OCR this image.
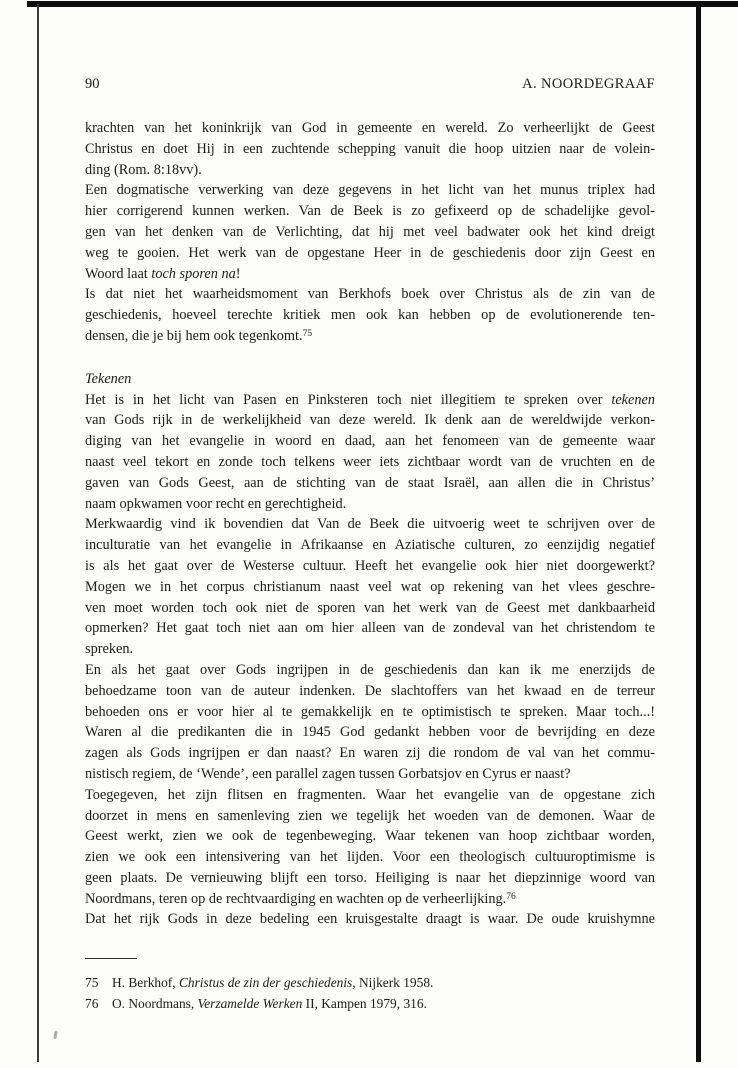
90	A. NOORDEGRAAF
krachten van het koninkrijk van God in gemeente en wereld. Zo verheerlijkt de Geest
Christus en doet Hij in een zuchtende schepping vanuit die hoop uitzien naar de volein-
ding (Rom. 8:18vv).
Een dogmatische verwerking van deze gegevens in het licht van het munus triplex had
hier corrigerend kunnen werken. Van de Beek is zo gefixeerd op de schadelijke gevol-
gen van het denken van de Verlichting, dat hij met veel badwater ook het kind dreigt
weg te gooien. Het werk van de opgestane Heer in de geschiedenis door zijn Geest en
Woord laat toch sporen na!
Is dat niet het waarheidsmoment van Berkhofs boek over Christus als de zin van de
geschiedenis, hoeveel terechte kritiek men ook kan hebben op de evolutionerende ten-
densen, die je bij hem ook tegenkomt.$^{75}$
Tekenen
Het is in het licht van Pasen en Pinksteren toch niet illegitiem te spreken over tekenen
van Gods rijk in de werkelijkheid van deze wereld. Ik denk aan de wereldwijde verkon-
diging van het evangelie in woord en daad, aan het fenomeen van de gemeente waar
naast veel tekort en zonde toch telkens weer iets zichtbaar wordt van de vruchten en de
gaven van Gods Geest, aan de stichting van de staat Israël, aan allen die in Christus’
naam opkwamen voor recht en gerechtigheid.
Merkwaardig vind ik bovendien dat Van de Beek die uitvoerig weet te schrijven over de
inculturatie van het evangelie in Afrikaanse en Aziatische culturen, zo eenzijdig negatief
is als het gaat over de Westerse cultuur. Heeft het evangelie ook hier niet doorgewerkt?
Mogen we in het corpus christianum naast veel wat op rekening van het vlees geschre-
ven moet worden toch ook niet de sporen van het werk van de Geest met dankbaarheid
opmerken? Het gaat toch niet aan om hier alleen van de zondeval van het christendom te
spreken.
En als het gaat over Gods ingrijpen in de geschiedenis dan kan ik me enerzijds de
behoedzame toon van de auteur indenken. De slachtoffers van het kwaad en de terreur
behoeden ons er voor hier al te gemakkelijk en te optimistisch te spreken. Maar toch...!
Waren al die predikanten die in 1945 God gedankt hebben voor de bevrijding en deze
zagen als Gods ingrijpen er dan naast? En waren zij die rondom de val van het commu-
nistisch regiem, de ‘Wende’, een parallel zagen tussen Gorbatsjov en Cyrus er naast?
Toegegeven, het zijn flitsen en fragmenten. Waar het evangelie van de opgestane zich
doorzet in mens en samenleving zien we tegelijk het woeden van de demonen. Waar de
Geest werkt, zien we ook de tegenbeweging. Waar tekenen van hoop zichtbaar worden,
zien we ook een intensivering van het lijden. Voor een theologisch cultuuroptimisme is
geen plaats. De vernieuwing blijft een torso. Heiliging is naar het diepzinnige woord van
Noordmans, teren op de rechtvaardiging en wachten op de verheerlijking.$^{76}$
Dat het rijk Gods in deze bedeling een kruisgestalte draagt is waar. De oude kruishymne
75	H. Berkhof, Christus de zin der geschiedenis, Nijkerk 1958.
76	O. Noordmans, Verzamelde Werken II, Kampen 1979, 316.
